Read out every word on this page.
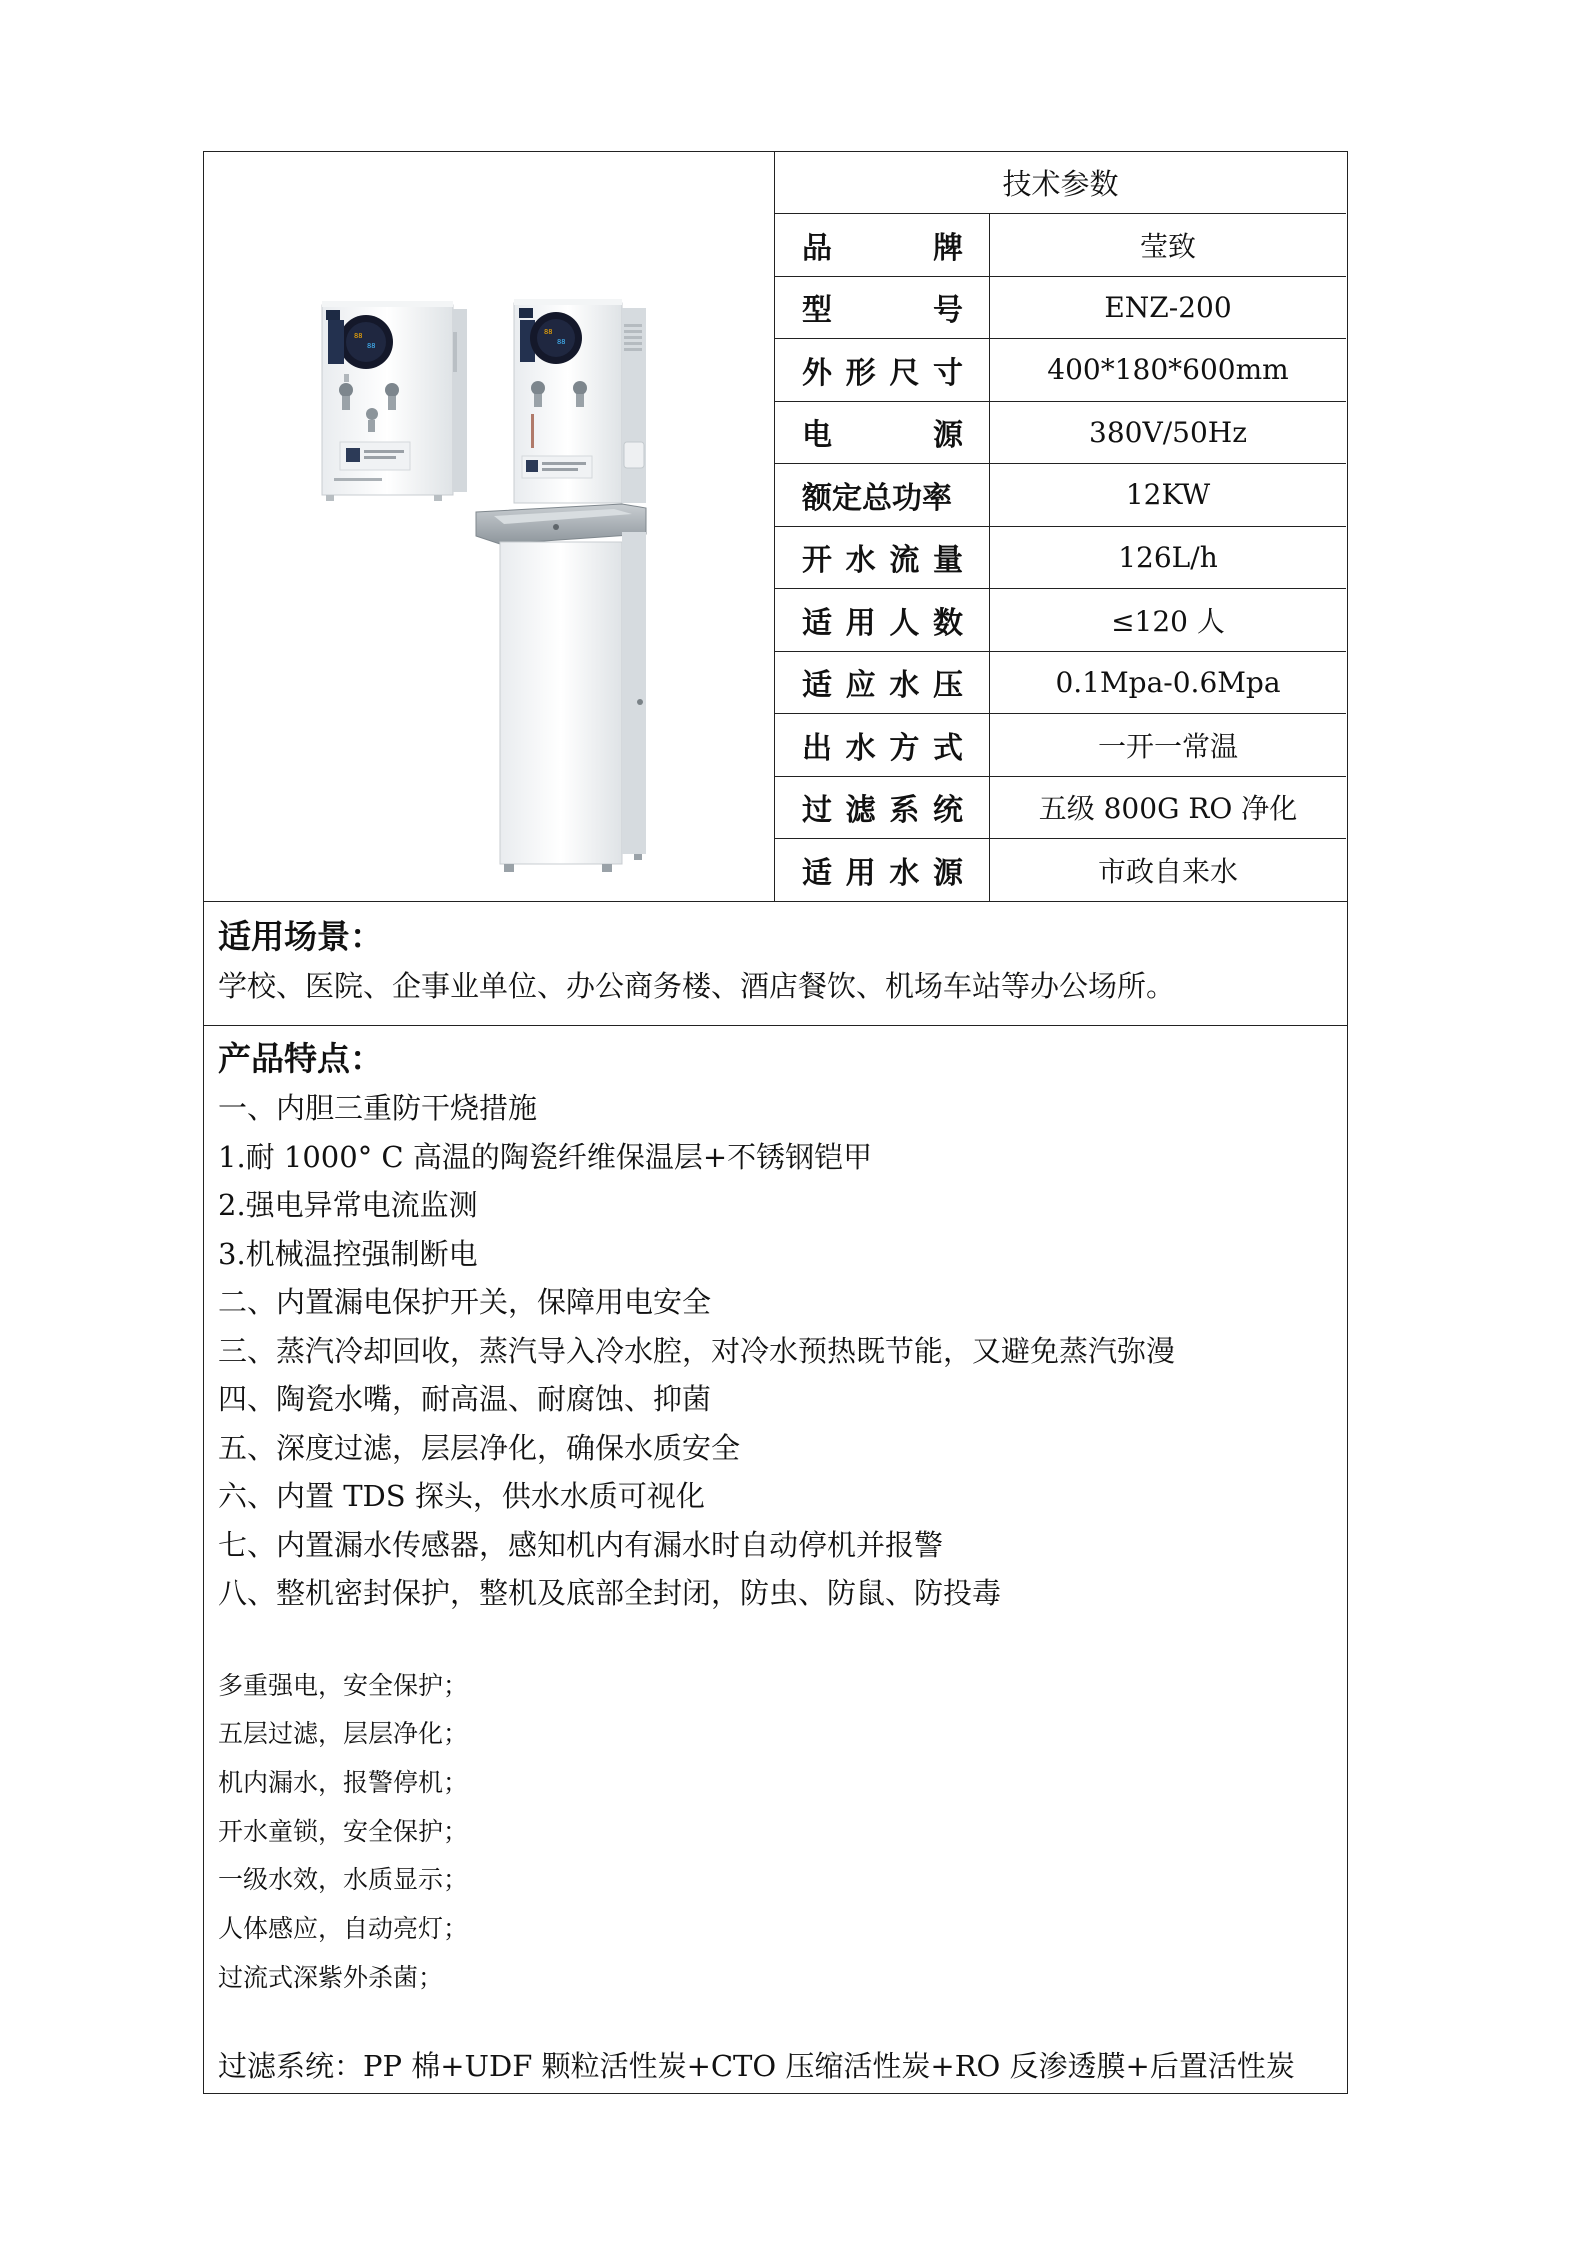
88
88
88
88
技术参数
品	牌	莹致
型	号	ENZ-200
外 形 尺 寸	400*180*600mm
电	源	380V/50Hz
额定总功率	12KW
开 水 流 量	126L/h
适 用 人 数	≤120 人
适 应 水 压	0.1Mpa-0.6Mpa
出 水 方 式	一开一常温
过 滤 系 统	五级 800G RO 净化
适 用 水 源	市政自来水
适用场景：
学校、医院、企事业单位、办公商务楼、酒店餐饮、机场车站等办公场所。
产品特点：
一、内胆三重防干烧措施
1.耐 1000° C 高温的陶瓷纤维保温层+不锈钢铠甲
2.强电异常电流监测
3.机械温控强制断电
二、内置漏电保护开关，保障用电安全
三、蒸汽冷却回收，蒸汽导入冷水腔，对冷水预热既节能，又避免蒸汽弥漫
四、陶瓷水嘴，耐高温、耐腐蚀、抑菌
五、深度过滤，层层净化，确保水质安全
六、内置 TDS 探头，供水水质可视化
七、内置漏水传感器，感知机内有漏水时自动停机并报警
八、整机密封保护，整机及底部全封闭，防虫、防鼠、防投毒
多重强电，安全保护；
五层过滤，层层净化；
机内漏水，报警停机；
开水童锁，安全保护；
一级水效，水质显示；
人体感应，自动亮灯；
过流式深紫外杀菌；
过滤系统：PP 棉+UDF 颗粒活性炭+CTO 压缩活性炭+RO 反渗透膜+后置活性炭
